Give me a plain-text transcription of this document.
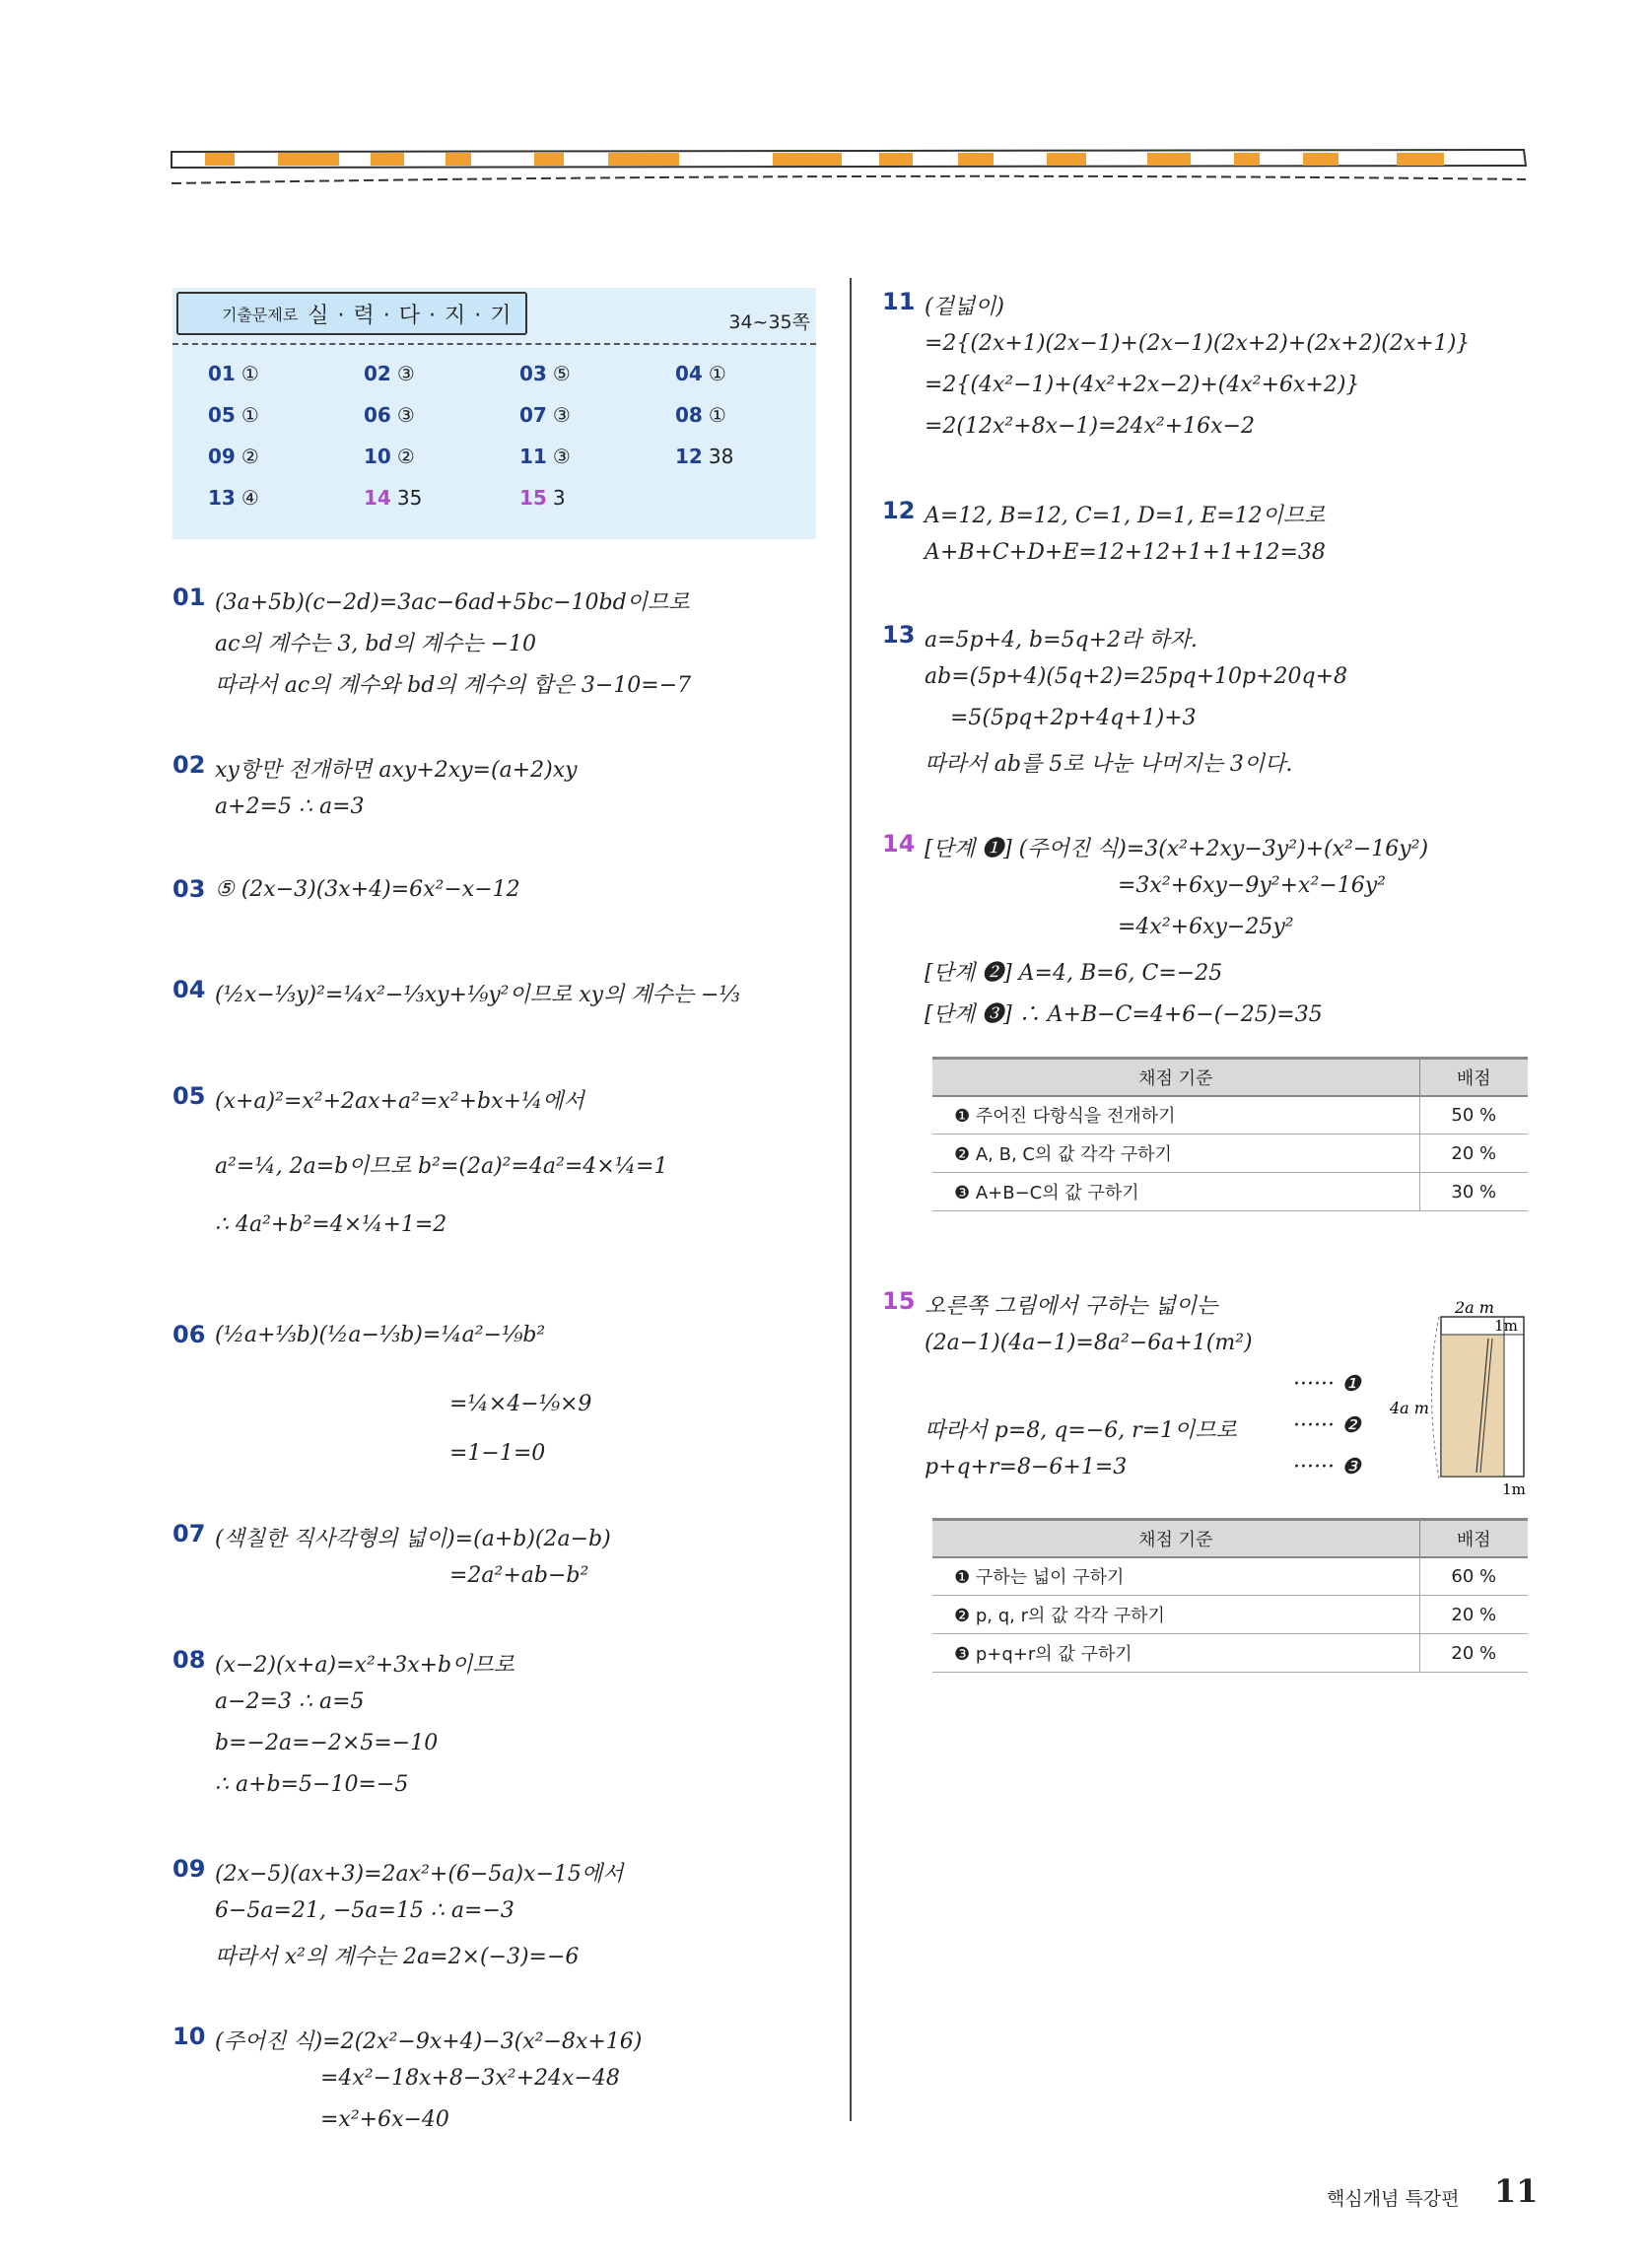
기출문제로 실 · 력 · 다 · 지 · 기	34~35쪽
01 ①	02 ③	03 ⑤	04 ①
05 ①	06 ③	07 ③	08 ①
09 ②	10 ②	11 ③	12 38
13 ④	14 35	15 3
01 (3a+5b)(c−2d)=3ac−6ad+5bc−10bd이므로
ac의 계수는 3, bd의 계수는 −10
따라서 ac의 계수와 bd의 계수의 합은 3−10=−7
02 xy항만 전개하면 axy+2xy=(a+2)xy
a+2=5 ∴ a=3
03 ⑤ (2x−3)(3x+4)=6x²−x−12
04 (½x−⅓y)²=¼x²−⅓xy+⅑y²이므로 xy의 계수는 −⅓
05 (x+a)²=x²+2ax+a²=x²+bx+¼에서
a²=¼, 2a=b이므로 b²=(2a)²=4a²=4×¼=1
∴ 4a²+b²=4×¼+1=2
06 (½a+⅓b)(½a−⅓b)=¼a²−⅑b²
=¼×4−⅑×9
=1−1=0
07 (색칠한 직사각형의 넓이)=(a+b)(2a−b)
=2a²+ab−b²
08 (x−2)(x+a)=x²+3x+b이므로
a−2=3 ∴ a=5
b=−2a=−2×5=−10
∴ a+b=5−10=−5
09 (2x−5)(ax+3)=2ax²+(6−5a)x−15에서
6−5a=21, −5a=15 ∴ a=−3
따라서 x²의 계수는 2a=2×(−3)=−6
10 (주어진 식)=2(2x²−9x+4)−3(x²−8x+16)
=4x²−18x+8−3x²+24x−48
=x²+6x−40
11 (겉넓이)
=2{(2x+1)(2x−1)+(2x−1)(2x+2)+(2x+2)(2x+1)}
=2{(4x²−1)+(4x²+2x−2)+(4x²+6x+2)}
=2(12x²+8x−1)=24x²+16x−2
12 A=12, B=12, C=1, D=1, E=12이므로
A+B+C+D+E=12+12+1+1+12=38
13 a=5p+4, b=5q+2라 하자.
ab=(5p+4)(5q+2)=25pq+10p+20q+8
=5(5pq+2p+4q+1)+3
따라서 ab를 5로 나눈 나머지는 3이다.
14 [단계 ❶] (주어진 식)=3(x²+2xy−3y²)+(x²−16y²)
=3x²+6xy−9y²+x²−16y²
=4x²+6xy−25y²
[단계 ❷] A=4, B=6, C=−25
[단계 ❸] ∴ A+B−C=4+6−(−25)=35
채점 기준	배점
❶ 주어진 다항식을 전개하기	50 %
❷ A, B, C의 값 각각 구하기	20 %
❸ A+B−C의 값 구하기	30 %
15 오른쪽 그림에서 구하는 넓이는
(2a−1)(4a−1)=8a²−6a+1(m²)
······ ❶
따라서 p=8, q=−6, r=1이므로	······ ❷
p+q+r=8−6+1=3	······ ❸
2a m
1m
4a m
1m
채점 기준	배점
❶ 구하는 넓이 구하기	60 %
❷ p, q, r의 값 각각 구하기	20 %
❸ p+q+r의 값 구하기	20 %
핵심개념 특강편 11
